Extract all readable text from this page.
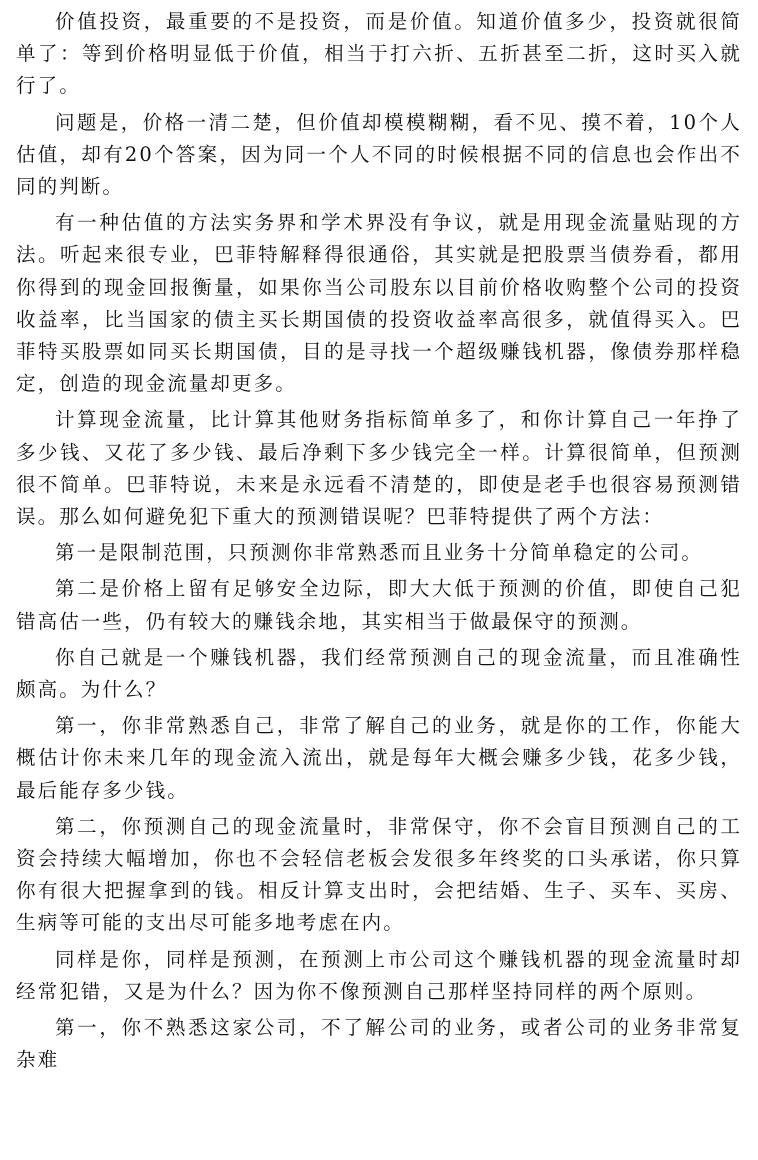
价值投资，最重要的不是投资，而是价值。知道价值多少，投资就很简单了：等到价格明显低于价值，相当于打六折、五折甚至二折，这时买入就行了。

问题是，价格一清二楚，但价值却模模糊糊，看不见、摸不着，10个人估值，却有20个答案，因为同一个人不同的时候根据不同的信息也会作出不同的判断。

有一种估值的方法实务界和学术界没有争议，就是用现金流量贴现的方法。听起来很专业，巴菲特解释得很通俗，其实就是把股票当债券看，都用你得到的现金回报衡量，如果你当公司股东以目前价格收购整个公司的投资收益率，比当国家的债主买长期国债的投资收益率高很多，就值得买入。巴菲特买股票如同买长期国债，目的是寻找一个超级赚钱机器，像债券那样稳定，创造的现金流量却更多。

计算现金流量，比计算其他财务指标简单多了，和你计算自己一年挣了多少钱、又花了多少钱、最后净剩下多少钱完全一样。计算很简单，但预测很不简单。巴菲特说，未来是永远看不清楚的，即使是老手也很容易预测错误。那么如何避免犯下重大的预测错误呢？巴菲特提供了两个方法：

第一是限制范围，只预测你非常熟悉而且业务十分简单稳定的公司。

第二是价格上留有足够安全边际，即大大低于预测的价值，即使自己犯错高估一些，仍有较大的赚钱余地，其实相当于做最保守的预测。

你自己就是一个赚钱机器，我们经常预测自己的现金流量，而且准确性颇高。为什么？

第一，你非常熟悉自己，非常了解自己的业务，就是你的工作，你能大概估计你未来几年的现金流入流出，就是每年大概会赚多少钱，花多少钱，最后能存多少钱。

第二，你预测自己的现金流量时，非常保守，你不会盲目预测自己的工资会持续大幅增加，你也不会轻信老板会发很多年终奖的口头承诺，你只算你有很大把握拿到的钱。相反计算支出时，会把结婚、生子、买车、买房、生病等可能的支出尽可能多地考虑在内。

同样是你，同样是预测，在预测上市公司这个赚钱机器的现金流量时却经常犯错，又是为什么？因为你不像预测自己那样坚持同样的两个原则。

第一，你不熟悉这家公司，不了解公司的业务，或者公司的业务非常复杂难
